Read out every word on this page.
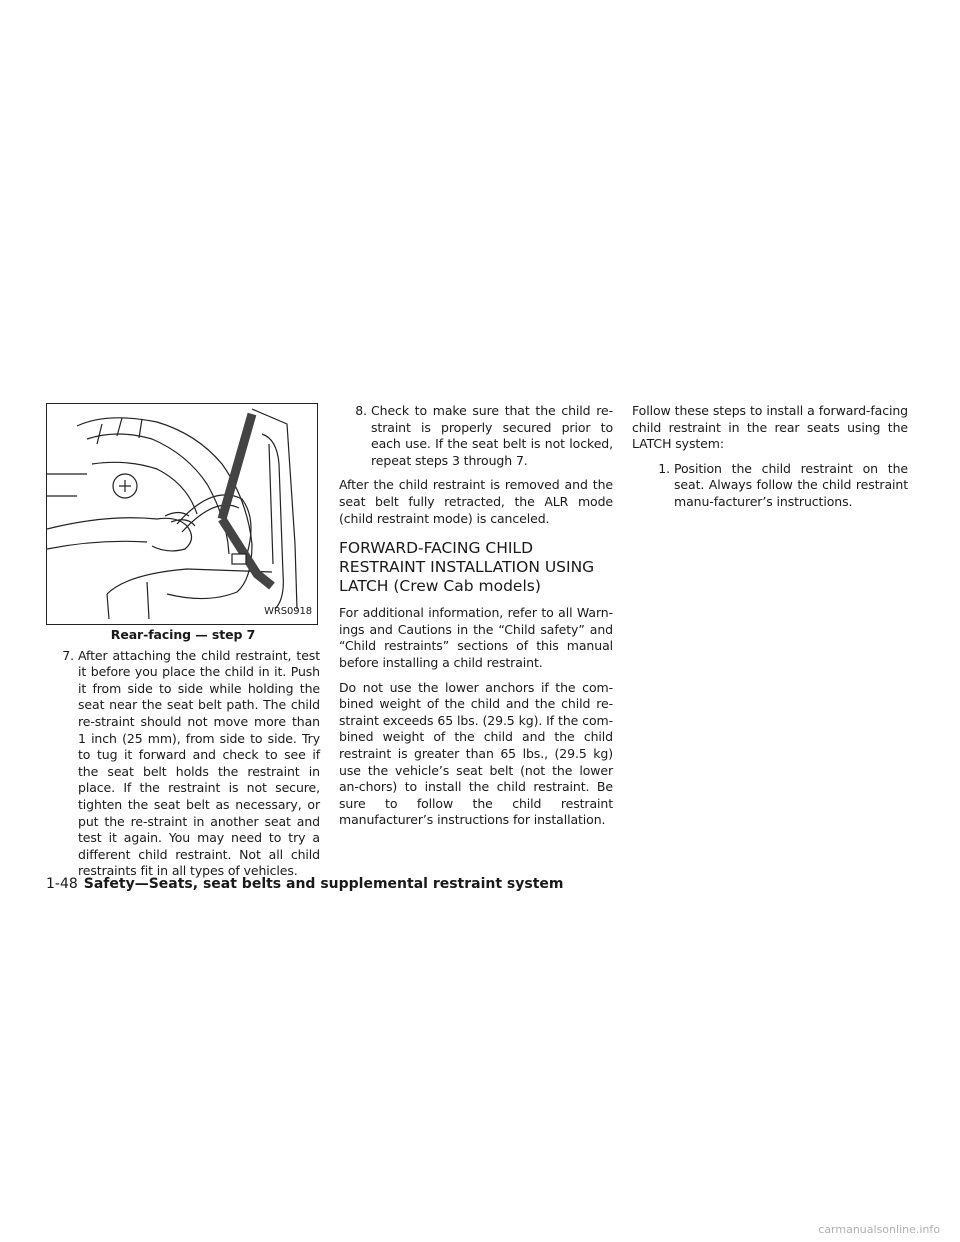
WRS0918
Rear-facing — step 7
7. After attaching the child restraint, test it before you place the child in it. Push it from side to side while holding the seat near the seat belt path. The child re-straint should not move more than 1 inch (25 mm), from side to side. Try to tug it forward and check to see if the seat belt holds the restraint in place. If the restraint is not secure, tighten the seat belt as necessary, or put the re-straint in another seat and test it again. You may need to try a different child restraint. Not all child restraints fit in all types of vehicles.
8. Check to make sure that the child re-straint is properly secured prior to each use. If the seat belt is not locked, repeat steps 3 through 7.

After the child restraint is removed and the seat belt fully retracted, the ALR mode (child restraint mode) is canceled.

FORWARD-FACING CHILD RESTRAINT INSTALLATION USING LATCH (Crew Cab models)

For additional information, refer to all Warn-ings and Cautions in the “Child safety” and “Child restraints” sections of this manual before installing a child restraint.

Do not use the lower anchors if the com-bined weight of the child and the child re-straint exceeds 65 lbs. (29.5 kg). If the com-bined weight of the child and the child restraint is greater than 65 lbs., (29.5 kg) use the vehicle’s seat belt (not the lower an-chors) to install the child restraint. Be sure to follow the child restraint manufacturer’s instructions for installation.

Follow these steps to install a forward-facing child restraint in the rear seats using the LATCH system:

1. Position the child restraint on the seat. Always follow the child restraint manu-facturer’s instructions.
1-48 Safety—Seats, seat belts and supplemental restraint system
carmanualsonline.info
